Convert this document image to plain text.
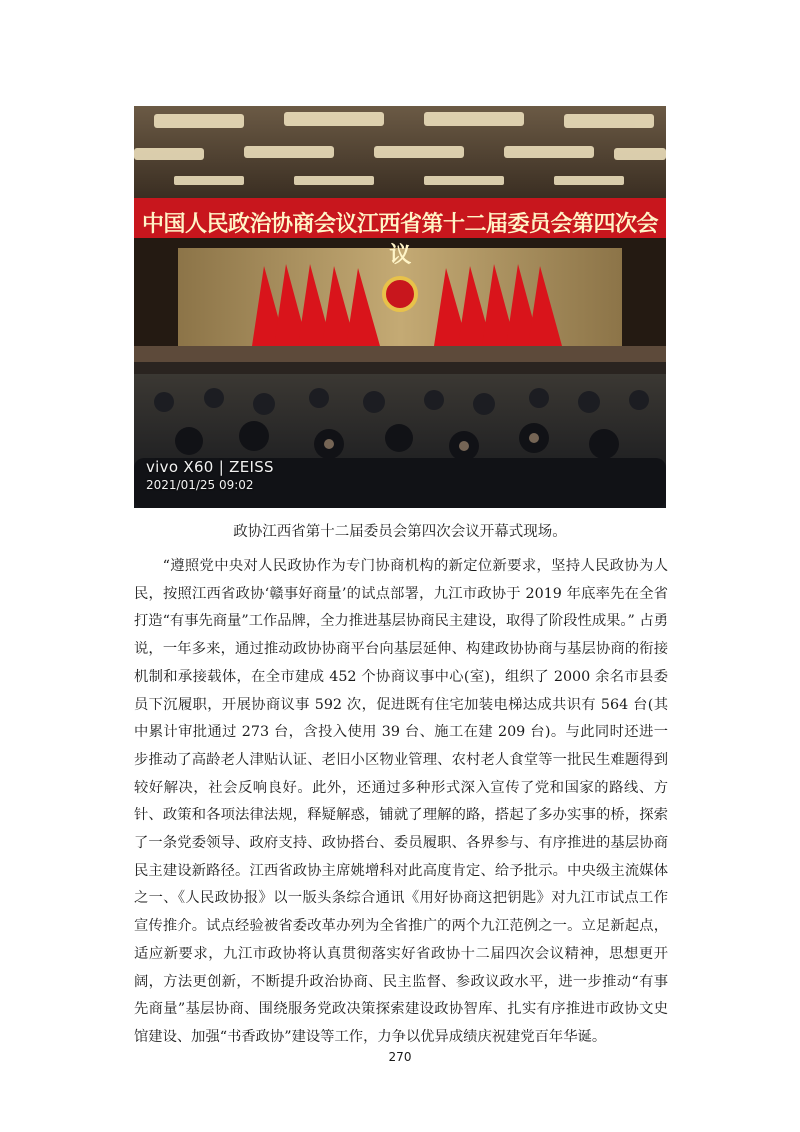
中国人民政治协商会议江西省第十二届委员会第四次会议
vivo X60 | ZEISS
2021/01/25 09:02
政协江西省第十二届委员会第四次会议开幕式现场。

“遵照党中央对人民政协作为专门协商机构的新定位新要求，坚持人民政协为人民，按照江西省政协‘赣事好商量’的试点部署，九江市政协于 2019 年底率先在全省打造“有事先商量”工作品牌，全力推进基层协商民主建设，取得了阶段性成果。” 占勇说，一年多来，通过推动政协协商平台向基层延伸、构建政协协商与基层协商的衔接机制和承接载体，在全市建成 452 个协商议事中心(室)，组织了 2000 余名市县委员下沉履职，开展协商议事 592 次，促进既有住宅加装电梯达成共识有 564 台(其中累计审批通过 273 台，含投入使用 39 台、施工在建 209 台)。与此同时还进一步推动了高龄老人津贴认证、老旧小区物业管理、农村老人食堂等一批民生难题得到较好解决，社会反响良好。此外，还通过多种形式深入宣传了党和国家的路线、方针、政策和各项法律法规，释疑解惑，铺就了理解的路，搭起了多办实事的桥，探索了一条党委领导、政府支持、政协搭台、委员履职、各界参与、有序推进的基层协商民主建设新路径。江西省政协主席姚增科对此高度肯定、给予批示。中央级主流媒体之一、《人民政协报》以一版头条综合通讯《用好协商这把钥匙》对九江市试点工作宣传推介。试点经验被省委改革办列为全省推广的两个九江范例之一。立足新起点，适应新要求，九江市政协将认真贯彻落实好省政协十二届四次会议精神，思想更开阔，方法更创新，不断提升政治协商、民主监督、参政议政水平，进一步推动“有事先商量”基层协商、围绕服务党政决策探索建设政协智库、扎实有序推进市政协文史馆建设、加强“书香政协”建设等工作，力争以优异成绩庆祝建党百年华诞。

270
